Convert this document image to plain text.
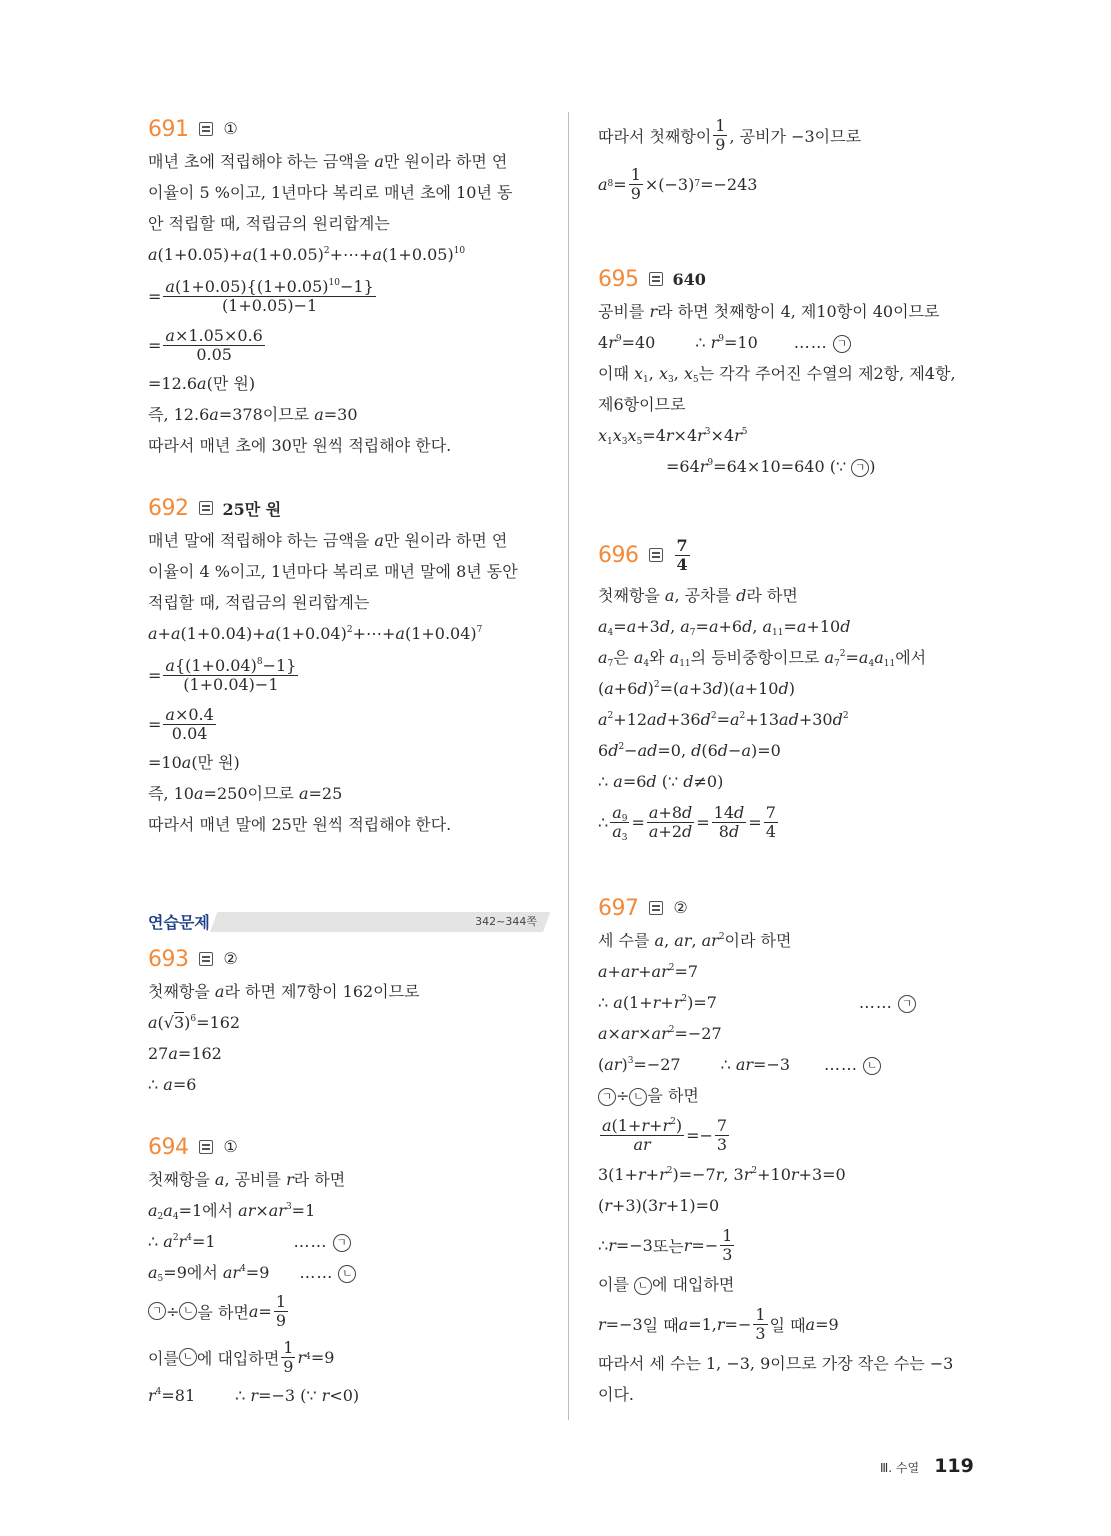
691 ①
매년 초에 적립해야 하는 금액을 a만 원이라 하면 연
이율이 5 %이고, 1년마다 복리로 매년 초에 10년 동
안 적립할 때, 적립금의 원리합계는
$a(1+0.05)+a(1+0.05)^2+\cdots+a(1+0.05)^{10}$
= $\frac{a(1+0.05)\{(1+0.05)^{10}-1\}}{(1+0.05)-1}$
= $\frac{a\times 1.05\times 0.6}{0.05}$
=12.6a(만 원)
즉, 12.6a=378이므로 a=30
따라서 매년 초에 30만 원씩 적립해야 한다.
692 25만 원
매년 말에 적립해야 하는 금액을 a만 원이라 하면 연
이율이 4 %이고, 1년마다 복리로 매년 말에 8년 동안
적립할 때, 적립금의 원리합계는
$a+a(1+0.04)+a(1+0.04)^2+\cdots+a(1+0.04)^7$
= $\frac{a\{(1+0.04)^8-1\}}{(1+0.04)-1}$
= $\frac{a\times 0.4}{0.04}$
=10a(만 원)
즉, 10a=250이므로 a=25
따라서 매년 말에 25만 원씩 적립해야 한다.
연습문제	342~344쪽
693 ②
첫째항을 a라 하면 제7항이 162이므로
$a(√3)^6=162$
27a=162
∴ a=6
694 ①
첫째항을 a, 공비를 r라 하면
$a_2a_4=1$에서 $ar\times ar^3=1$
∴ $a^2r^4=1$	…… ㄱ
$a_5=9$에서 $ar^4=9$ …… ㄴ
ㄱ ÷ ㄴ 을 하면 $a = \frac{1}{9}$
이를 ㄴ 에 대입하면 $\frac{1}{9}$ r 4 =9
$r^4=81$	∴ r=−3 (∵ r<0)
따라서 첫째항이 $\frac{1}{9}$ , 공비가 −3이므로
a $8 = \frac{1}{9} \times(-3)$ 7 =−243
695 640
공비를 r라 하면 첫째항이 4, 제10항이 40이므로
$4r^9=40$	∴ $r^9=10$ …… ㄱ
이때 $x_1$, $x_3$, $x_5$는 각각 주어진 수열의 제2항, 제4항,
제6항이므로
$x_1x_3x_5=4r\times 4r^3\times 4r^5$
$=64r^9=64\times 10=640$ (∵ ㄱ )
$696 \frac{7}{4}$
첫째항을 a, 공차를 d라 하면
$a_4=a+3d$, $a_7=a+6d$, $a_{11}=a+10d$
$a_7$은 $a_4$와 $a_{11}$의 등비중항이므로 $a_7^2=a_4a_{11}$에서
$(a+6d)^2=(a+3d)(a+10d)$
$a^2+12ad+36d^2=a^2+13ad+30d^2$
$6d^2-ad=0$, d(6d−a)=0
∴ a=6d (∵ d≠0)
∴ $\frac{a_9}{a_3} = \frac{a+8d}{a+2d} = \frac{14d}{8d} = \frac{7}{4}$
697 ②
세 수를 a, ar, $ar^2$이라 하면
$a+ar+ar^2=7$
∴ $a(1+r+r^2)=7$	…… ㄱ
$a\times ar\times ar^2=-27$
(ar)$^3$=−27	∴ ar=−3 …… ㄴ
ㄱ ÷ ㄴ 을 하면
$\frac{a(1+r+r^2)}{ar} =- \frac{7}{3}$
$3(1+r+r^2)=-7r$, $3r^2+10r+3=0$
(r+3)(3r+1)=0
∴ r =−3 또는 $r =- \frac{1}{3}$
이를 ㄴ 에 대입하면
r =−3 일 때 a =1, $r =- \frac{1}{3}$ 일 때 a =9
따라서 세 수는 1, −3, 9이므로 가장 작은 수는 −3
이다.
Ⅲ. 수열 119
